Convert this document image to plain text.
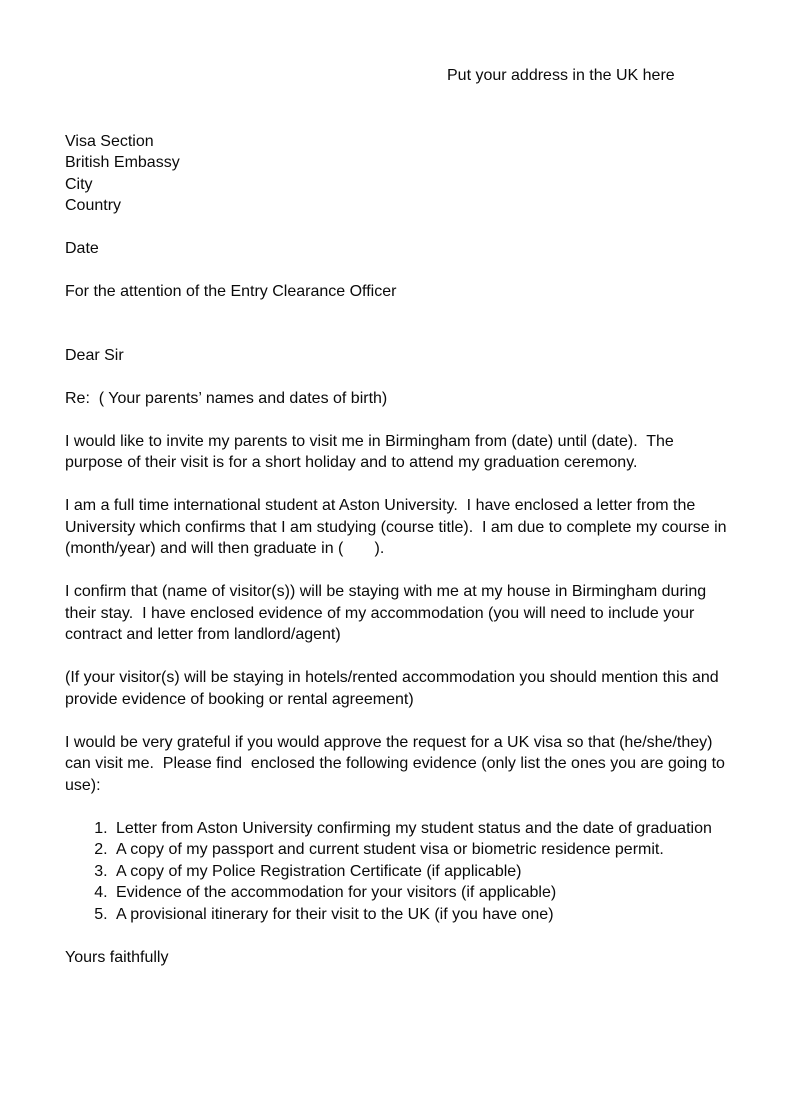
Put your address in the UK here
Visa Section
British Embassy
City
Country
Date
For the attention of the Entry Clearance Officer
Dear Sir
Re:  ( Your parents’ names and dates of birth)
I would like to invite my parents to visit me in Birmingham from (date) until (date).  The purpose of their visit is for a short holiday and to attend my graduation ceremony.
I am a full time international student at Aston University.  I have enclosed a letter from the University which confirms that I am studying (course title).  I am due to complete my course in (month/year) and will then graduate in (       ).
I confirm that (name of visitor(s)) will be staying with me at my house in Birmingham during their stay.  I have enclosed evidence of my accommodation (you will need to include your contract and letter from landlord/agent)
(If your visitor(s) will be staying in hotels/rented accommodation you should mention this and provide evidence of booking or rental agreement)
I would be very grateful if you would approve the request for a UK visa so that (he/she/they) can visit me.  Please find  enclosed the following evidence (only list the ones you are going to use):
1. Letter from Aston University confirming my student status and the date of graduation
2. A copy of my passport and current student visa or biometric residence permit.
3. A copy of my Police Registration Certificate (if applicable)
4. Evidence of the accommodation for your visitors (if applicable)
5. A provisional itinerary for their visit to the UK (if you have one)
Yours faithfully
